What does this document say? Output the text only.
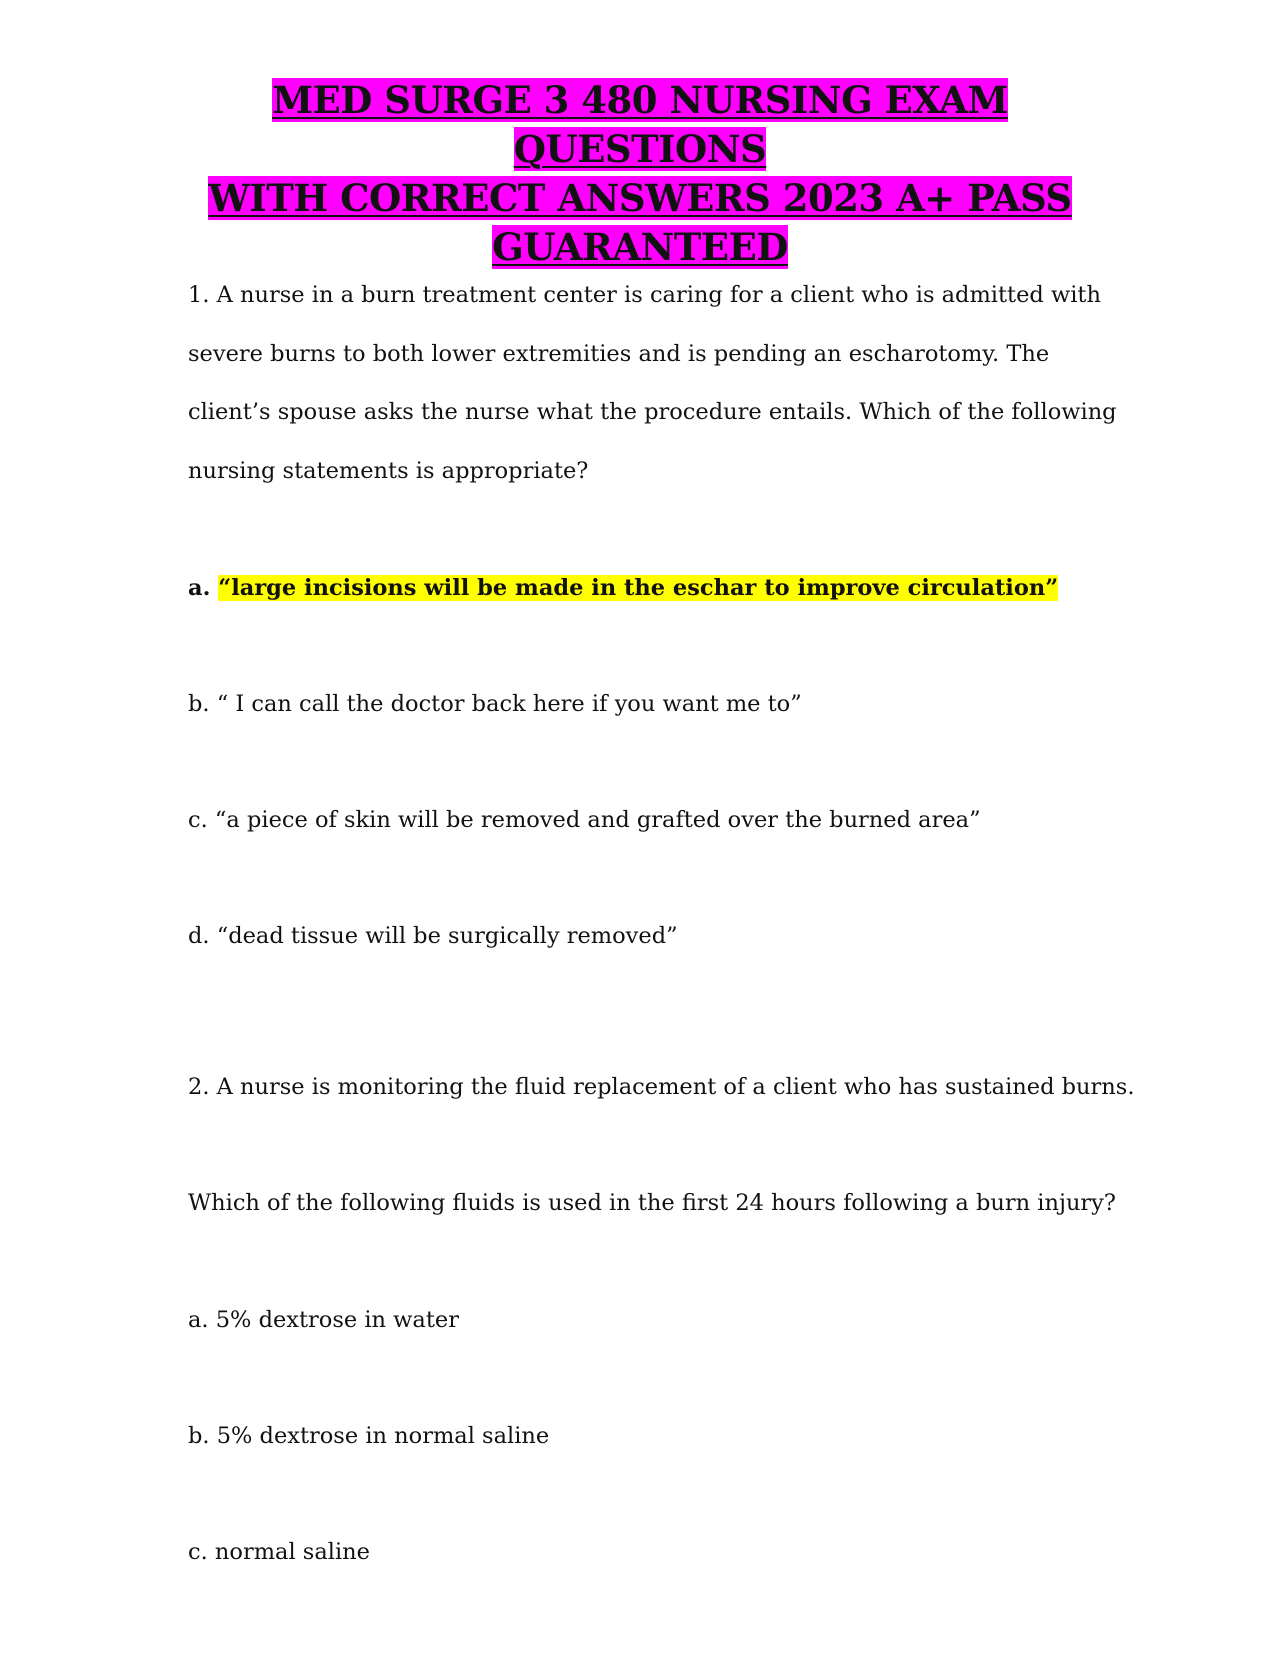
MED SURGE 3 480 NURSING EXAM QUESTIONS
WITH CORRECT ANSWERS 2023 A+ PASS
GUARANTEED
1. A nurse in a burn treatment center is caring for a client who is admitted with
severe burns to both lower extremities and is pending an escharotomy. The
client’s spouse asks the nurse what the procedure entails. Which of the following
nursing statements is appropriate?
a. “large incisions will be made in the eschar to improve circulation”
b. “ I can call the doctor back here if you want me to”
c. “a piece of skin will be removed and grafted over the burned area”
d. “dead tissue will be surgically removed”
2. A nurse is monitoring the fluid replacement of a client who has sustained burns.
Which of the following fluids is used in the first 24 hours following a burn injury?
a. 5% dextrose in water
b. 5% dextrose in normal saline
c. normal saline
